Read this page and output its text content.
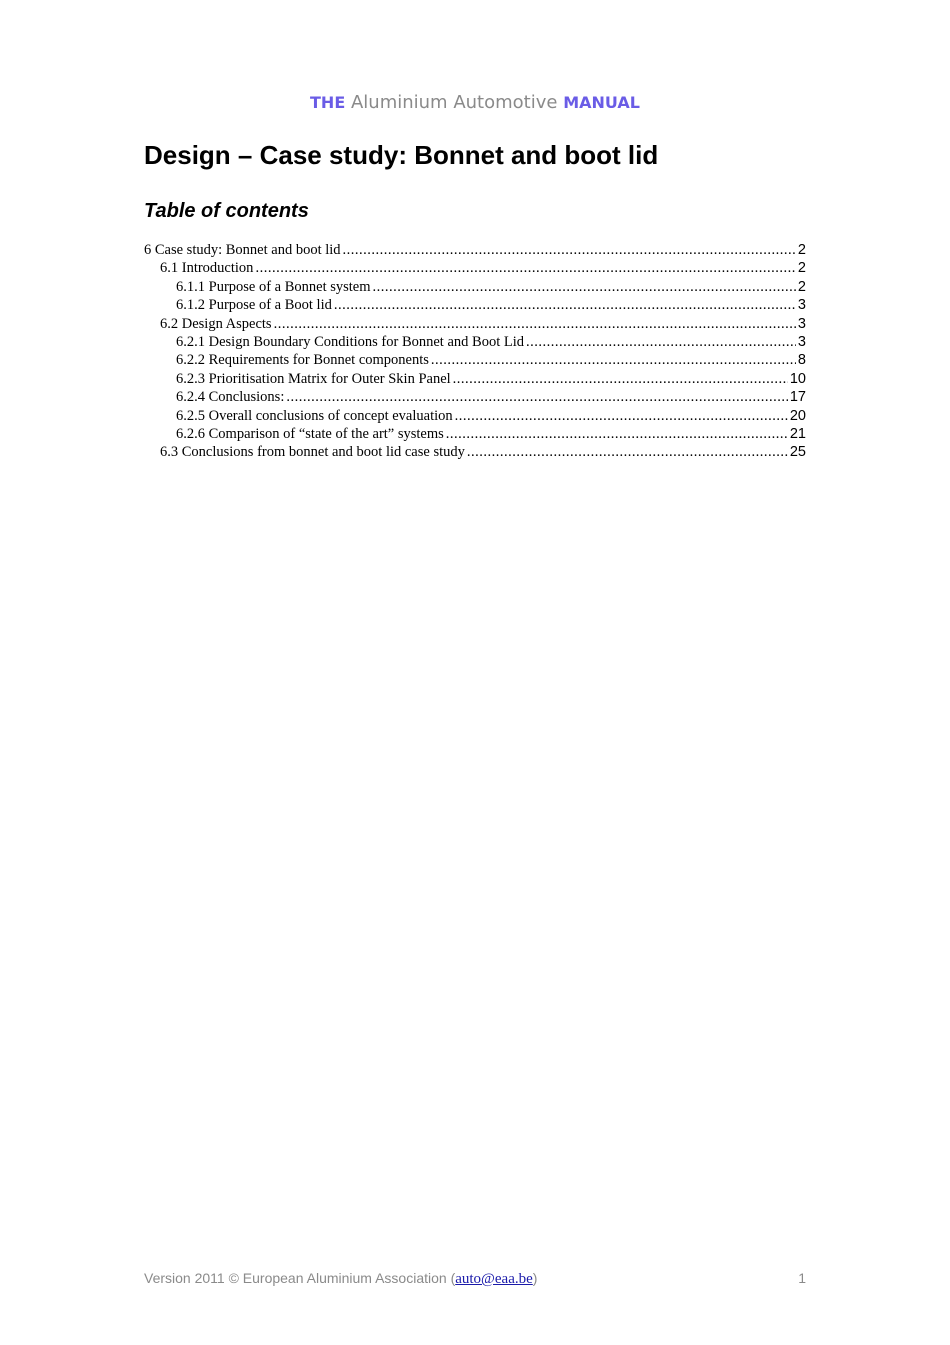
THE Aluminium Automotive MANUAL
Design – Case study: Bonnet and boot lid
Table of contents
6 Case study: Bonnet and boot lid .....	2
6.1 Introduction .....	2
6.1.1 Purpose of a Bonnet system .....	2
6.1.2 Purpose of a Boot lid .....	3
6.2 Design Aspects .....	3
6.2.1 Design Boundary Conditions for Bonnet and Boot Lid .....	3
6.2.2 Requirements for Bonnet components .....	8
6.2.3 Prioritisation Matrix for Outer Skin Panel .....	10
6.2.4 Conclusions: .....	17
6.2.5 Overall conclusions of concept evaluation .....	20
6.2.6 Comparison of “state of the art” systems .....	21
6.3 Conclusions from bonnet and boot lid case study .....	25
Version 2011 © European Aluminium Association (auto@eaa.be)	1
